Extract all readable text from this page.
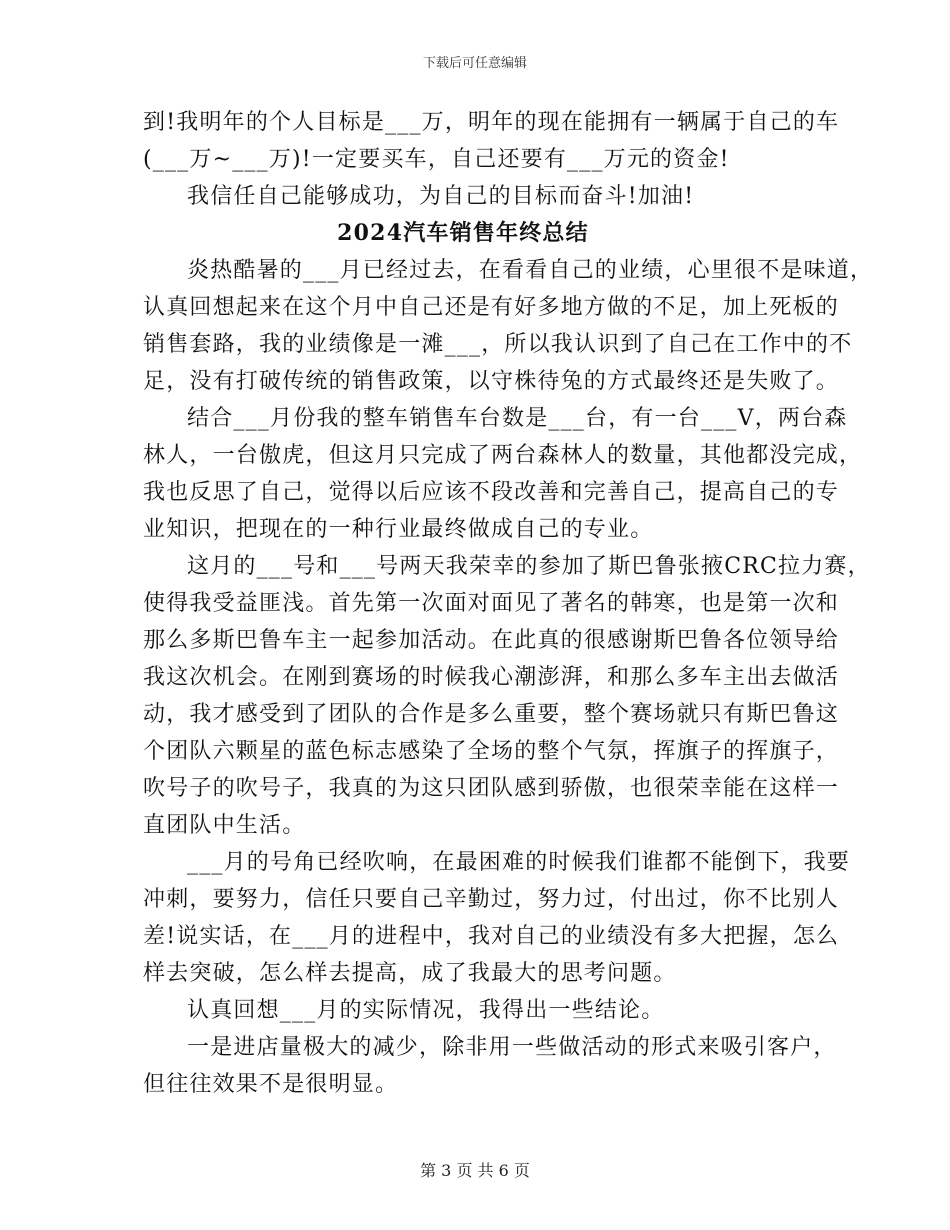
下载后可任意编辑
到!我明年的个人目标是___万，明年的现在能拥有一辆属于自己的车
(___万~___万)!一定要买车，自己还要有___万元的资金!
我信任自己能够成功，为自己的目标而奋斗!加油!
2024汽车销售年终总结
炎热酷暑的___月已经过去，在看看自己的业绩，心里很不是味道，
认真回想起来在这个月中自己还是有好多地方做的不足，加上死板的
销售套路，我的业绩像是一滩___，所以我认识到了自己在工作中的不
足，没有打破传统的销售政策，以守株待兔的方式最终还是失败了。
结合___月份我的整车销售车台数是___台，有一台___V，两台森
林人，一台傲虎，但这月只完成了两台森林人的数量，其他都没完成，
我也反思了自己，觉得以后应该不段改善和完善自己，提高自己的专
业知识，把现在的一种行业最终做成自己的专业。
这月的___号和___号两天我荣幸的参加了斯巴鲁张掖CRC拉力赛，
使得我受益匪浅。首先第一次面对面见了著名的韩寒，也是第一次和
那么多斯巴鲁车主一起参加活动。在此真的很感谢斯巴鲁各位领导给
我这次机会。在刚到赛场的时候我心潮澎湃，和那么多车主出去做活
动，我才感受到了团队的合作是多么重要，整个赛场就只有斯巴鲁这
个团队六颗星的蓝色标志感染了全场的整个气氛，挥旗子的挥旗子，
吹号子的吹号子，我真的为这只团队感到骄傲，也很荣幸能在这样一
直团队中生活。
___月的号角已经吹响，在最困难的时候我们谁都不能倒下，我要
冲刺，要努力，信任只要自己辛勤过，努力过，付出过，你不比别人
差!说实话，在___月的进程中，我对自己的业绩没有多大把握，怎么
样去突破，怎么样去提高，成了我最大的思考问题。
认真回想___月的实际情况，我得出一些结论。
一是进店量极大的减少，除非用一些做活动的形式来吸引客户，
但往往效果不是很明显。
第 3 页 共 6 页
